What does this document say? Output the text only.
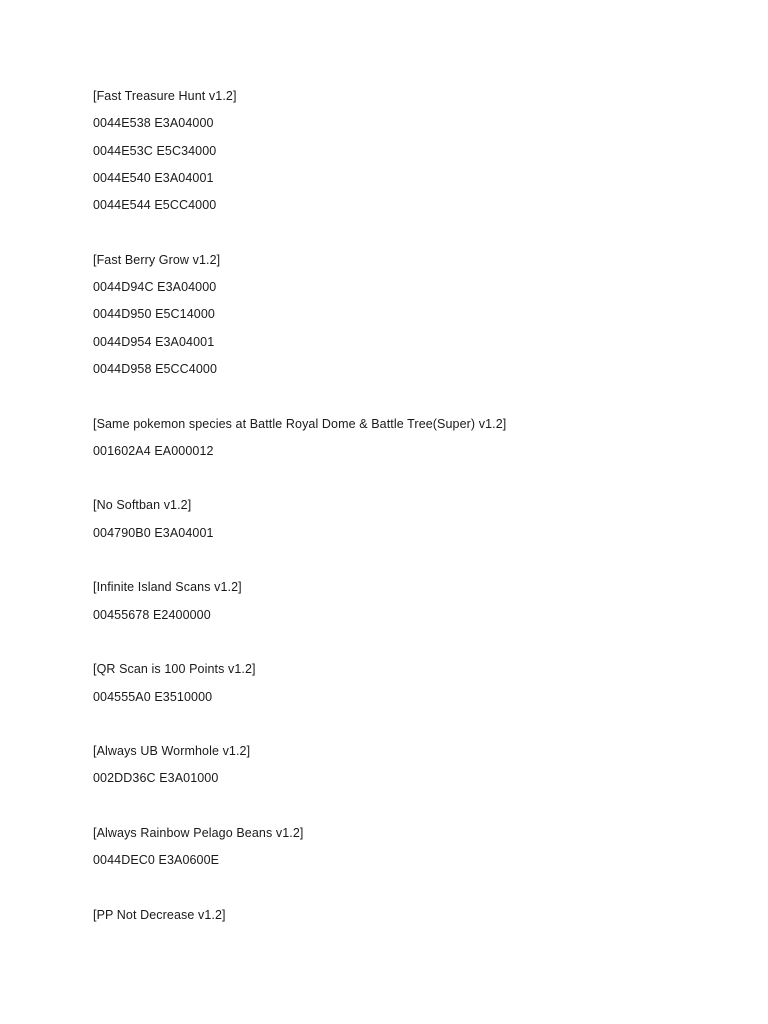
[Fast Treasure Hunt v1.2]
0044E538 E3A04000
0044E53C E5C34000
0044E540 E3A04001
0044E544 E5CC4000
[Fast Berry Grow v1.2]
0044D94C E3A04000
0044D950 E5C14000
0044D954 E3A04001
0044D958 E5CC4000
[Same pokemon species at Battle Royal Dome & Battle Tree(Super) v1.2]
001602A4 EA000012
[No Softban v1.2]
004790B0 E3A04001
[Infinite Island Scans v1.2]
00455678 E2400000
[QR Scan is 100 Points v1.2]
004555A0 E3510000
[Always UB Wormhole v1.2]
002DD36C E3A01000
[Always Rainbow Pelago Beans v1.2]
0044DEC0 E3A0600E
[PP Not Decrease v1.2]
